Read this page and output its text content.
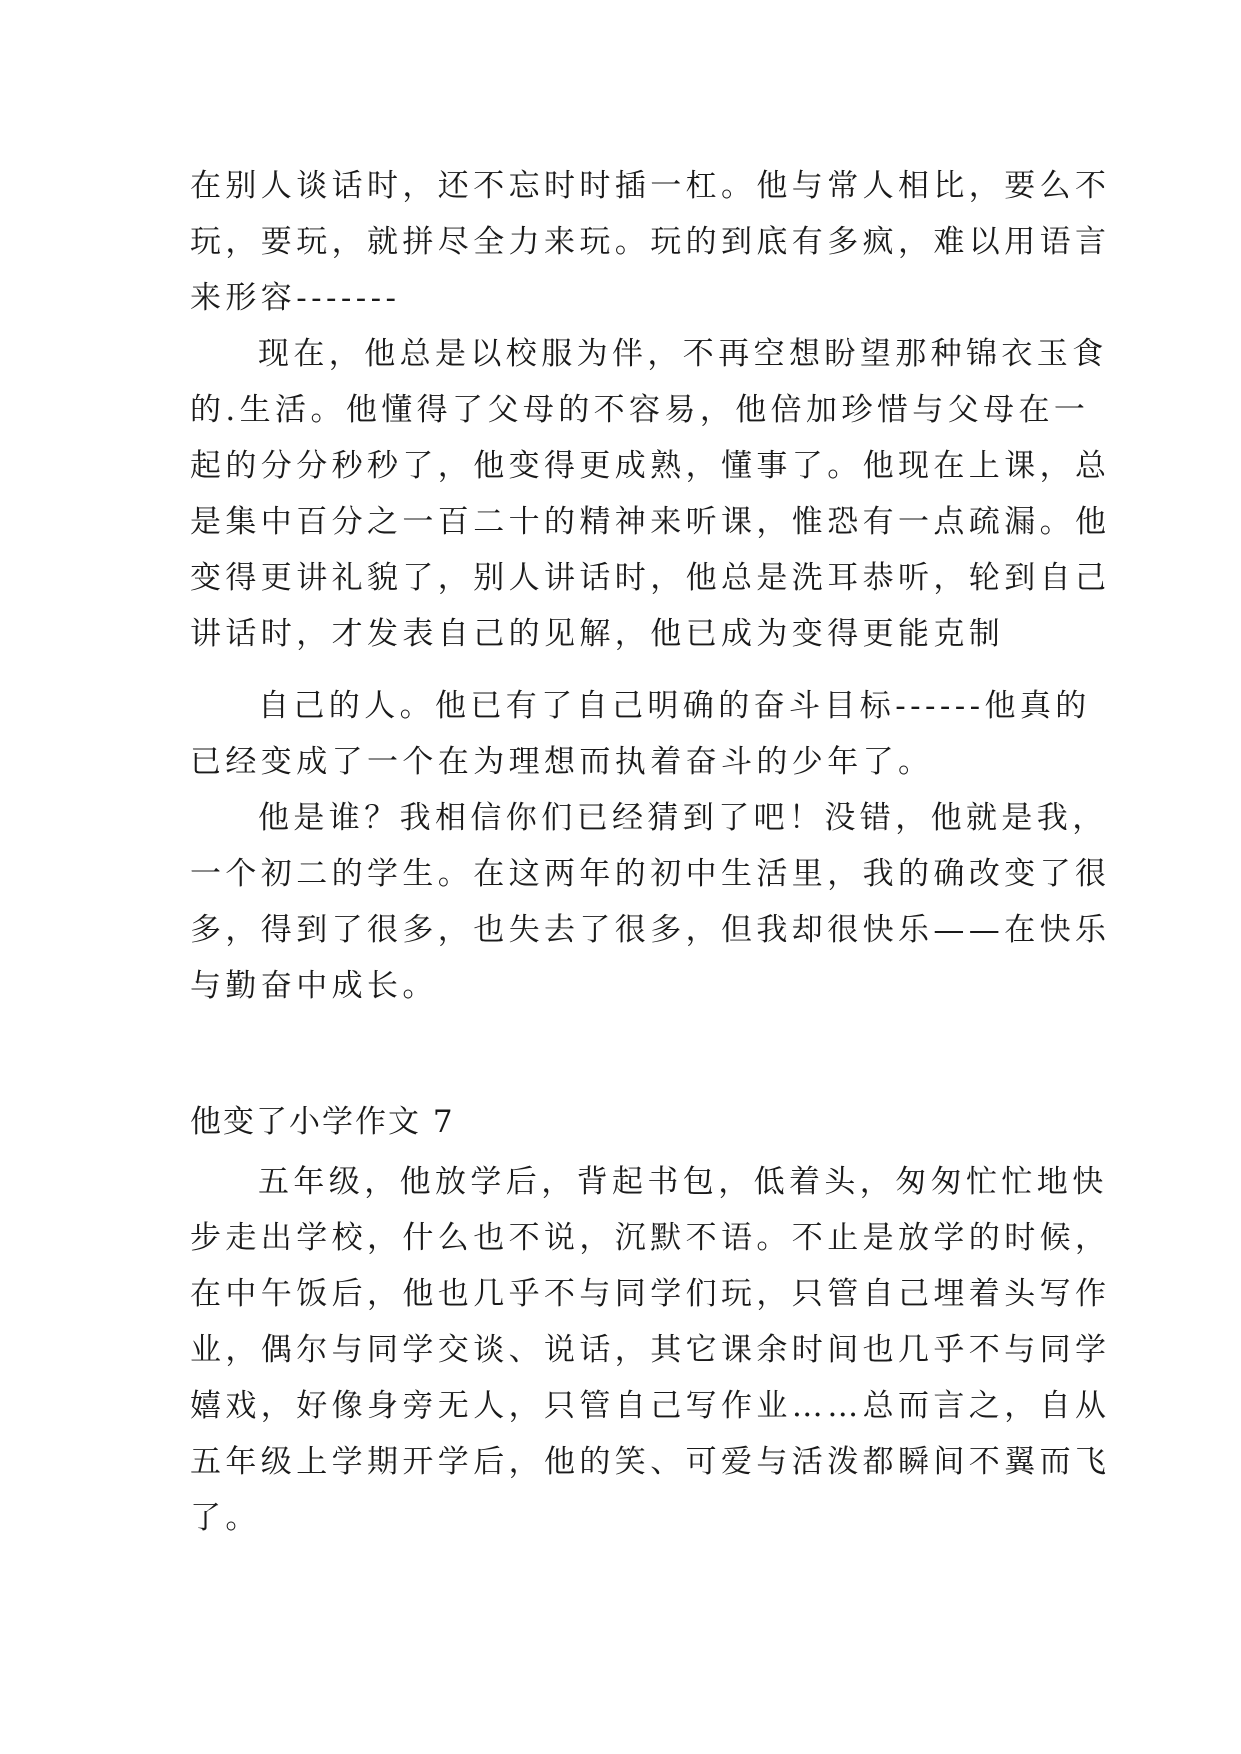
在别人谈话时，还不忘时时插一杠。他与常人相比，要么不
玩，要玩，就拼尽全力来玩。玩的到底有多疯，难以用语言
来形容-------
现在，他总是以校服为伴，不再空想盼望那种锦衣玉食
的.生活。他懂得了父母的不容易，他倍加珍惜与父母在一
起的分分秒秒了，他变得更成熟，懂事了。他现在上课，总
是集中百分之一百二十的精神来听课，惟恐有一点疏漏。他
变得更讲礼貌了，别人讲话时，他总是洗耳恭听，轮到自己
讲话时，才发表自己的见解，他已成为变得更能克制
自己的人。他已有了自己明确的奋斗目标------他真的
已经变成了一个在为理想而执着奋斗的少年了。
他是谁？我相信你们已经猜到了吧！没错，他就是我，
一个初二的学生。在这两年的初中生活里，我的确改变了很
多，得到了很多，也失去了很多，但我却很快乐——在快乐
与勤奋中成长。
他变了小学作文 7
五年级，他放学后，背起书包，低着头，匆匆忙忙地快
步走出学校，什么也不说，沉默不语。不止是放学的时候，
在中午饭后，他也几乎不与同学们玩，只管自己埋着头写作
业，偶尔与同学交谈、说话，其它课余时间也几乎不与同学
嬉戏，好像身旁无人，只管自己写作业……总而言之，自从
五年级上学期开学后，他的笑、可爱与活泼都瞬间不翼而飞
了。
